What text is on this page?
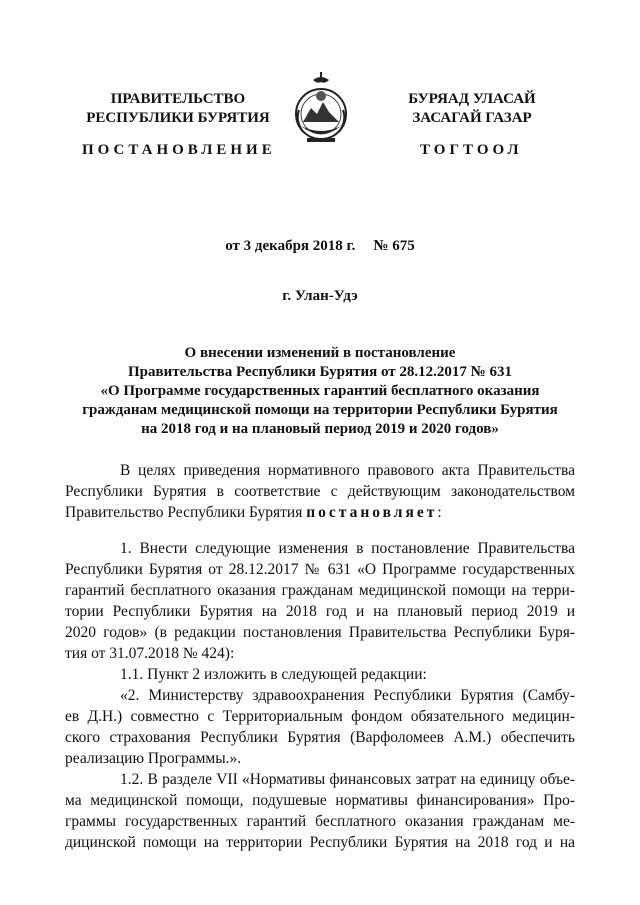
ПРАВИТЕЛЬСТВО
РЕСПУБЛИКИ БУРЯТИЯ
БУРЯАД УЛАСАЙ
ЗАСАГАЙ ГАЗАР
ПОСТАНОВЛЕНИЕ	ТОГТООЛ
от 3 декабря 2018 г. № 675
г. Улан-Удэ
О внесении изменений в постановление
Правительства Республики Бурятия от 28.12.2017 № 631
«О Программе государственных гарантий бесплатного оказания
гражданам медицинской помощи на территории Республики Бурятия
на 2018 год и на плановый период 2019 и 2020 годов»
В целях приведения нормативного правового акта Правительства
Республики Бурятия в соответствие с действующим законодательством
Правительство Республики Бурятия постановляет:
1. Внести следующие изменения в постановление Правительства
Республики Бурятия от 28.12.2017 № 631 «О Программе государственных
гарантий бесплатного оказания гражданам медицинской помощи на терри-
тории Республики Бурятия на 2018 год и на плановый период 2019 и
2020 годов» (в редакции постановления Правительства Республики Буря-
тия от 31.07.2018 № 424):
1.1. Пункт 2 изложить в следующей редакции:
«2. Министерству здравоохранения Республики Бурятия (Самбу-
ев Д.Н.) совместно с Территориальным фондом обязательного медицин-
ского страхования Республики Бурятия (Варфоломеев А.М.) обеспечить
реализацию Программы.».
1.2. В разделе VII «Нормативы финансовых затрат на единицу объе-
ма медицинской помощи, подушевые нормативы финансирования» Про-
граммы государственных гарантий бесплатного оказания гражданам ме-
дицинской помощи на территории Республики Бурятия на 2018 год и на
